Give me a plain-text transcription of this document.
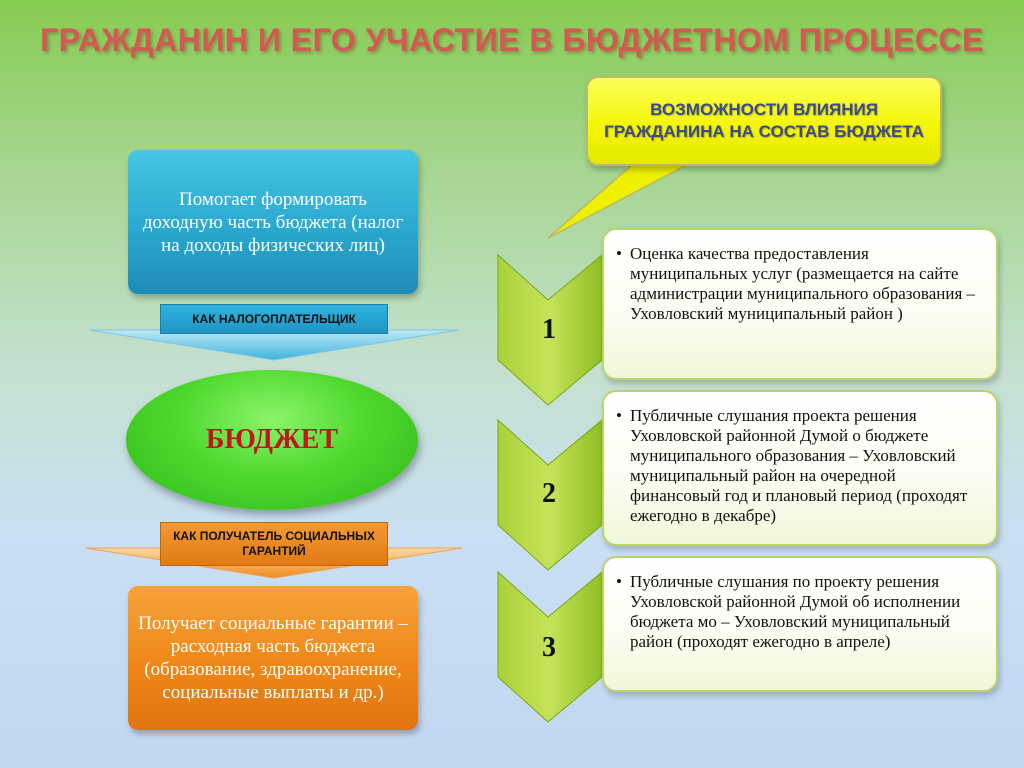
ГРАЖДАНИН И ЕГО УЧАСТИЕ В БЮДЖЕТНОМ ПРОЦЕССЕ
ВОЗМОЖНОСТИ ВЛИЯНИЯ ГРАЖДАНИНА НА СОСТАВ БЮДЖЕТА
Помогает формировать доходную часть бюджета (налог на доходы физических лиц)
КАК НАЛОГОПЛАТЕЛЬЩИК
БЮДЖЕТ
КАК ПОЛУЧАТЕЛЬ СОЦИАЛЬНЫХ ГАРАНТИЙ
Получает социальные гарантии – расходная часть бюджета (образование, здравоохранение, социальные выплаты и др.)
1
2
3
• Оценка качества предоставления муниципальных услуг (размещается на сайте администрации муниципального образования – Уховловский муниципальный район )
• Публичные слушания проекта решения Уховловской районной Думой о бюджете муниципального образования – Уховловский муниципальный район на очередной финансовый год и плановый период (проходят ежегодно в декабре)
• Публичные слушания по проекту решения Уховловской районной Думой об исполнении бюджета мо – Уховловский муниципальный район (проходят ежегодно в апреле)
